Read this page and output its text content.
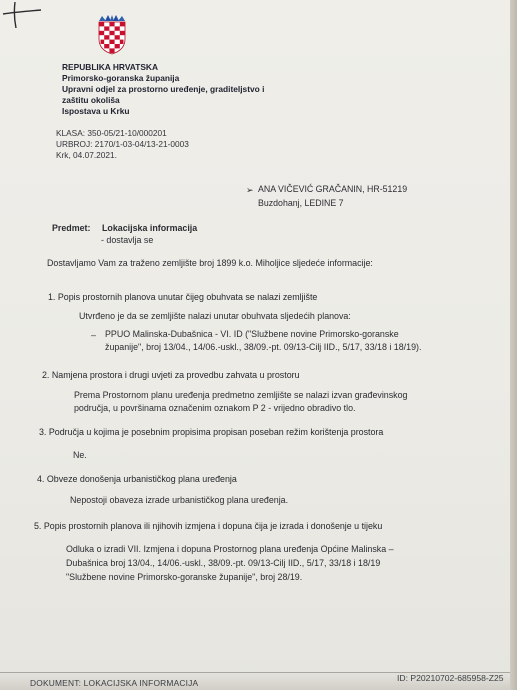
REPUBLIKA HRVATSKA
Primorsko-goranska županija
Upravni odjel za prostorno uređenje, graditeljstvo i
zaštitu okoliša
Ispostava u Krku
KLASA: 350-05/21-10/000201
URBROJ: 2170/1-03-04/13-21-0003
Krk, 04.07.2021.
➢ ANA VIČEVIĆ GRAČANIN, HR-51219
Buzdohanj, LEDINE 7
Predmet: Lokacijska informacija
- dostavlja se
Dostavljamo Vam za traženo zemljište broj 1899 k.o. Miholjice sljedeće informacije:
1. Popis prostornih planova unutar čijeg obuhvata se nalazi zemljište
Utvrđeno je da se zemljište nalazi unutar obuhvata sljedećih planova:
– PPUO Malinska-Dubašnica - VI. ID ("Službene novine Primorsko-goranske
županije", broj 13/04., 14/06.-uskl., 38/09.-pt. 09/13-Cilj IID., 5/17, 33/18 i 18/19).
2. Namjena prostora i drugi uvjeti za provedbu zahvata u prostoru
Prema Prostornom planu uređenja predmetno zemljište se nalazi izvan građevinskog
područja, u površinama označenim oznakom P 2 - vrijedno obradivo tlo.
3. Područja u kojima je posebnim propisima propisan poseban režim korištenja prostora
Ne.
4. Obveze donošenja urbanističkog plana uređenja
Nepostoji obaveza izrade urbanističkog plana uređenja.
5. Popis prostornih planova ili njihovih izmjena i dopuna čija je izrada i donošenje u tijeku
Odluka o izradi VII. Izmjena i dopuna Prostornog plana uređenja Općine Malinska –
Dubašnica broj 13/04., 14/06.-uskl., 38/09.-pt. 09/13-Cilj IID., 5/17, 33/18 i 18/19
"Službene novine Primorsko-goranske županije", broj 28/19.
DOKUMENT: LOKACIJSKA INFORMACIJA	ID: P20210702-685958-Z25
